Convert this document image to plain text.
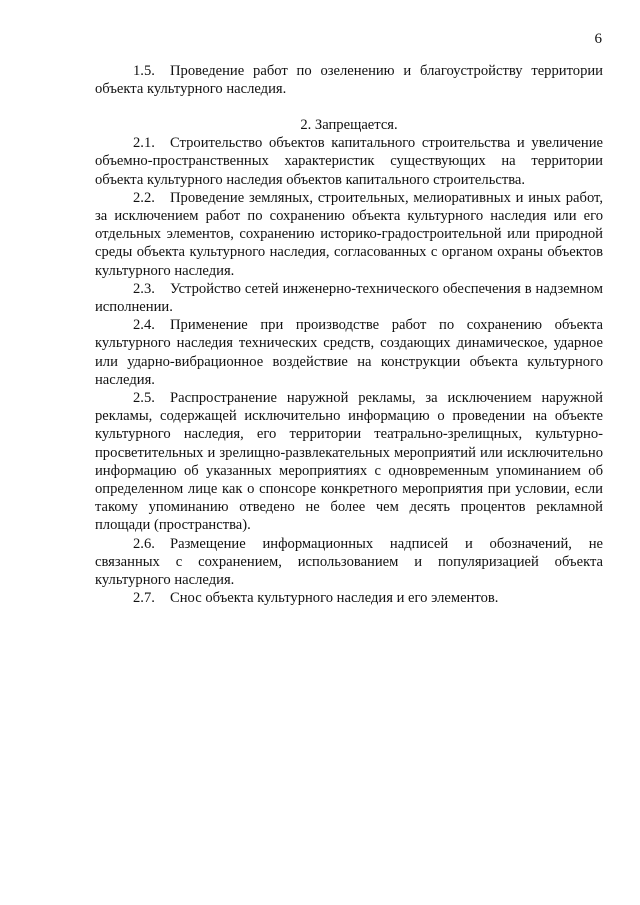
6

1.5. Проведение работ по озеленению и благоустройству территории объекта культурного наследия.

2. Запрещается.

2.1. Строительство объектов капитального строительства и увеличение объемно-пространственных характеристик существующих на территории объекта культурного наследия объектов капитального строительства.

2.2. Проведение земляных, строительных, мелиоративных и иных работ, за исключением работ по сохранению объекта культурного наследия или его отдельных элементов, сохранению историко-градостроительной или природной среды объекта культурного наследия, согласованных с органом охраны объектов культурного наследия.

2.3. Устройство сетей инженерно-технического обеспечения в надземном исполнении.

2.4. Применение при производстве работ по сохранению объекта культурного наследия технических средств, создающих динамическое, ударное или ударно-вибрационное воздействие на конструкции объекта культурного наследия.

2.5. Распространение наружной рекламы, за исключением наружной рекламы, содержащей исключительно информацию о проведении на объекте культурного наследия, его территории театрально-зрелищных, культурно-просветительных и зрелищно-развлекательных мероприятий или исключительно информацию об указанных мероприятиях с одновременным упоминанием об определенном лице как о спонсоре конкретного мероприятия при условии, если такому упоминанию отведено не более чем десять процентов рекламной площади (пространства).

2.6. Размещение информационных надписей и обозначений, не связанных с сохранением, использованием и популяризацией объекта культурного наследия.

2.7. Снос объекта культурного наследия и его элементов.
